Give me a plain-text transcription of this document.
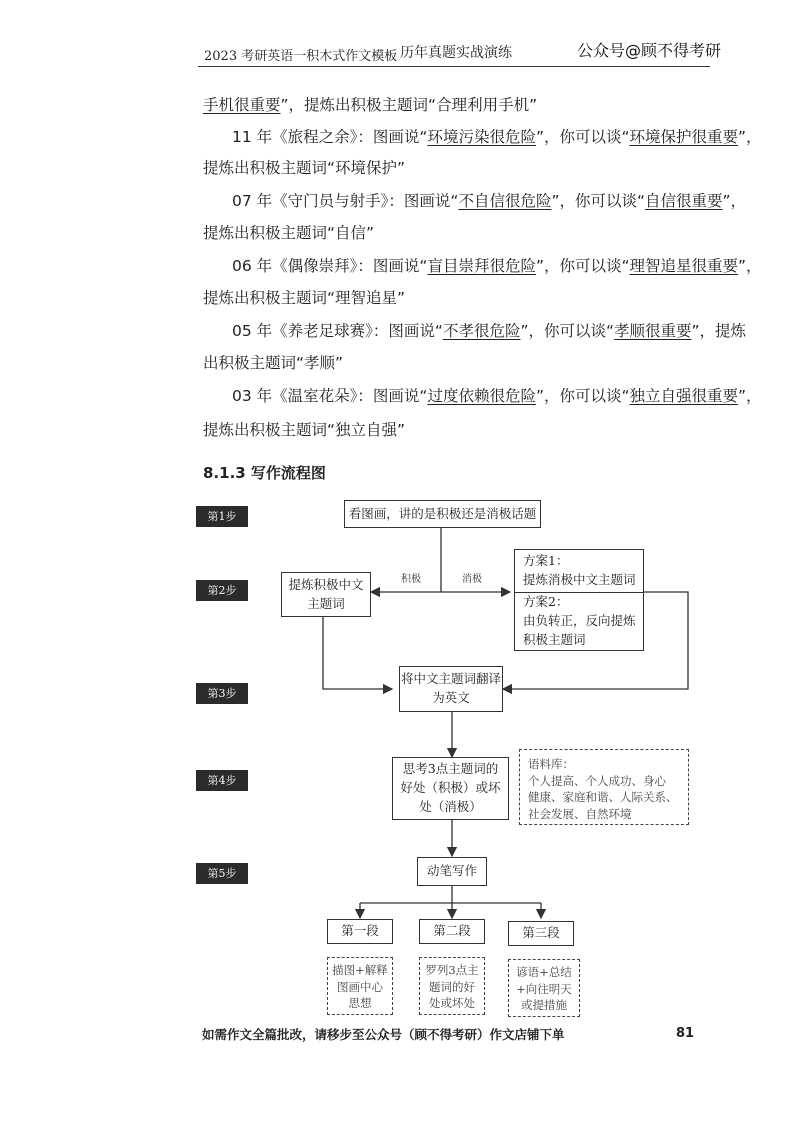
2023 考研英语一积木式作文模板 历年真题实战演练	公众号@顾不得考研
手机很重要”，提炼出积极主题词“合理利用手机”
11 年《旅程之余》：图画说“环境污染很危险”，你可以谈“环境保护很重要”，
提炼出积极主题词“环境保护”
07 年《守门员与射手》：图画说“不自信很危险”，你可以谈“自信很重要”，
提炼出积极主题词“自信”
06 年《偶像崇拜》：图画说“盲目崇拜很危险”，你可以谈“理智追星很重要”，
提炼出积极主题词“理智追星”
05 年《养老足球赛》：图画说“不孝很危险”，你可以谈“孝顺很重要”，提炼
出积极主题词“孝顺”
03 年《温室花朵》：图画说“过度依赖很危险”，你可以谈“独立自强很重要”，
提炼出积极主题词“独立自强”
8.1.3 写作流程图
第1步
第2步
第3步
第4步
第5步
看图画，讲的是积极还是消极话题
积极	消极
提炼积极中文
主题词
方案1：
提炼消极中文主题词
方案2：
由负转正，反向提炼
积极主题词
将中文主题词翻译
为英文
思考3点主题词的
好处（积极）或坏
处（消极）
语料库：
个人提高、个人成功、身心
健康、家庭和谐、人际关系、
社会发展、自然环境
动笔写作
第一段	第二段	第三段
描图+解释
图画中心
思想
罗列3点主
题词的好
处或坏处
谚语+总结
+向往明天
或提措施
如需作文全篇批改，请移步至公众号（顾不得考研）作文店铺下单	81
